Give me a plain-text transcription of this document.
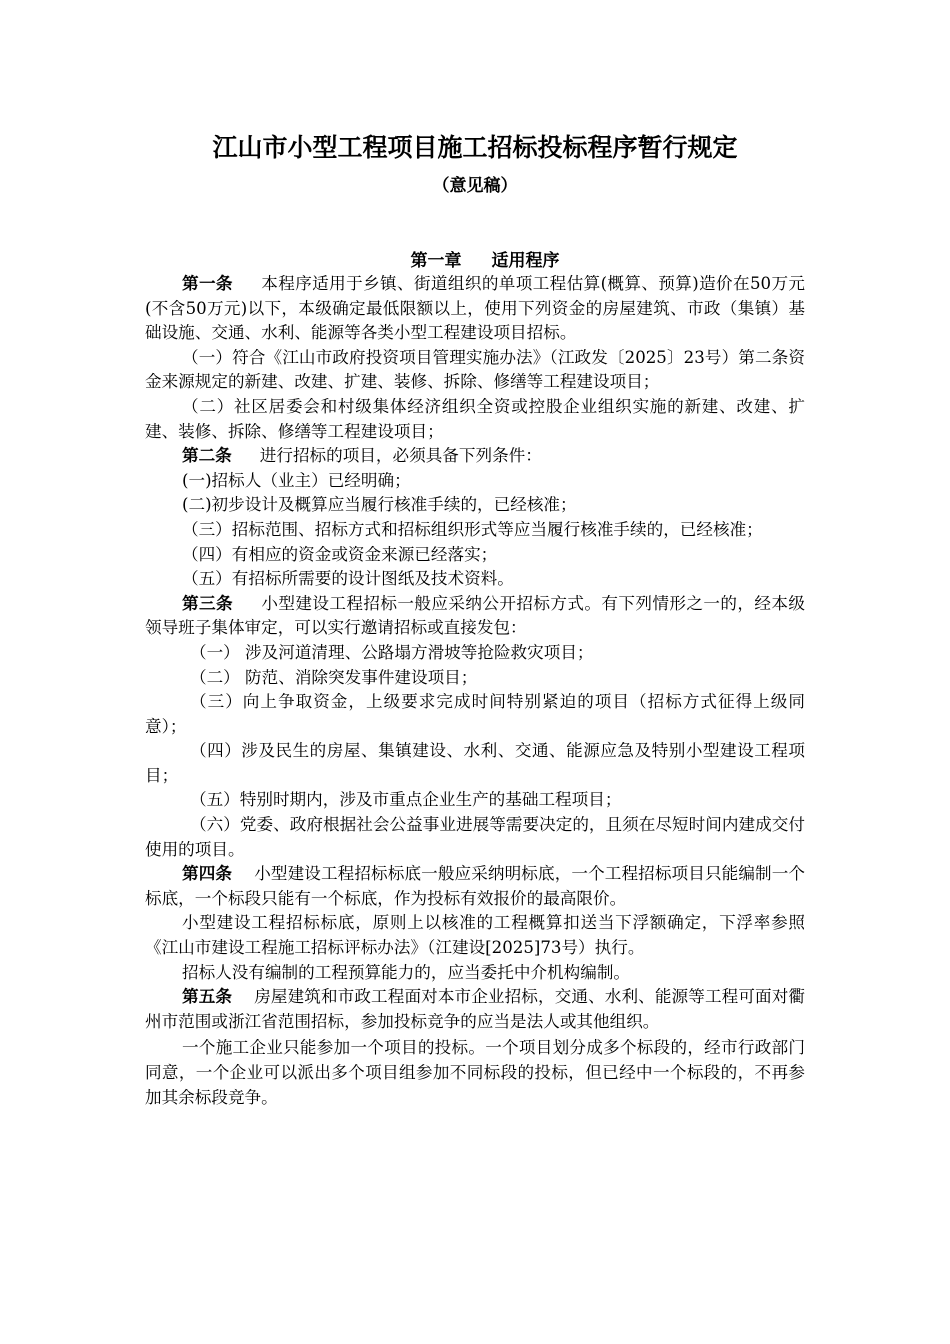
江山市小型工程项目施工招标投标程序暂行规定
（意见稿）
第一章 适用程序

第一条 本程序适用于乡镇、街道组织的单项工程估算(概算、预算)造价在50万元(不含50万元)以下，本级确定最低限额以上，使用下列资金的房屋建筑、市政（集镇）基础设施、交通、水利、能源等各类小型工程建设项目招标。

（一）符合《江山市政府投资项目管理实施办法》（江政发〔2025〕23号）第二条资金来源规定的新建、改建、扩建、装修、拆除、修缮等工程建设项目；

（二）社区居委会和村级集体经济组织全资或控股企业组织实施的新建、改建、扩建、装修、拆除、修缮等工程建设项目；

第二条 进行招标的项目，必须具备下列条件：

(一)招标人（业主）已经明确；

(二)初步设计及概算应当履行核准手续的，已经核准；

（三）招标范围、招标方式和招标组织形式等应当履行核准手续的，已经核准；

（四）有相应的资金或资金来源已经落实；

（五）有招标所需要的设计图纸及技术资料。

第三条 小型建设工程招标一般应采纳公开招标方式。有下列情形之一的，经本级领导班子集体审定，可以实行邀请招标或直接发包：

（一） 涉及河道清理、公路塌方滑坡等抢险救灾项目；

（二） 防范、消除突发事件建设项目；

（三）向上争取资金，上级要求完成时间特别紧迫的项目（招标方式征得上级同意）；

（四）涉及民生的房屋、集镇建设、水利、交通、能源应急及特别小型建设工程项目；

（五）特别时期内，涉及市重点企业生产的基础工程项目；

（六）党委、政府根据社会公益事业进展等需要决定的，且须在尽短时间内建成交付使用的项目。

第四条 小型建设工程招标标底一般应采纳明标底，一个工程招标项目只能编制一个标底，一个标段只能有一个标底，作为投标有效报价的最高限价。

小型建设工程招标标底，原则上以核准的工程概算扣送当下浮额确定，下浮率参照《江山市建设工程施工招标评标办法》（江建设[2025]73号）执行。

招标人没有编制的工程预算能力的，应当委托中介机构编制。

第五条 房屋建筑和市政工程面对本市企业招标，交通、水利、能源等工程可面对衢州市范围或浙江省范围招标，参加投标竞争的应当是法人或其他组织。

一个施工企业只能参加一个项目的投标。一个项目划分成多个标段的，经市行政部门同意，一个企业可以派出多个项目组参加不同标段的投标，但已经中一个标段的，不再参加其余标段竞争。
